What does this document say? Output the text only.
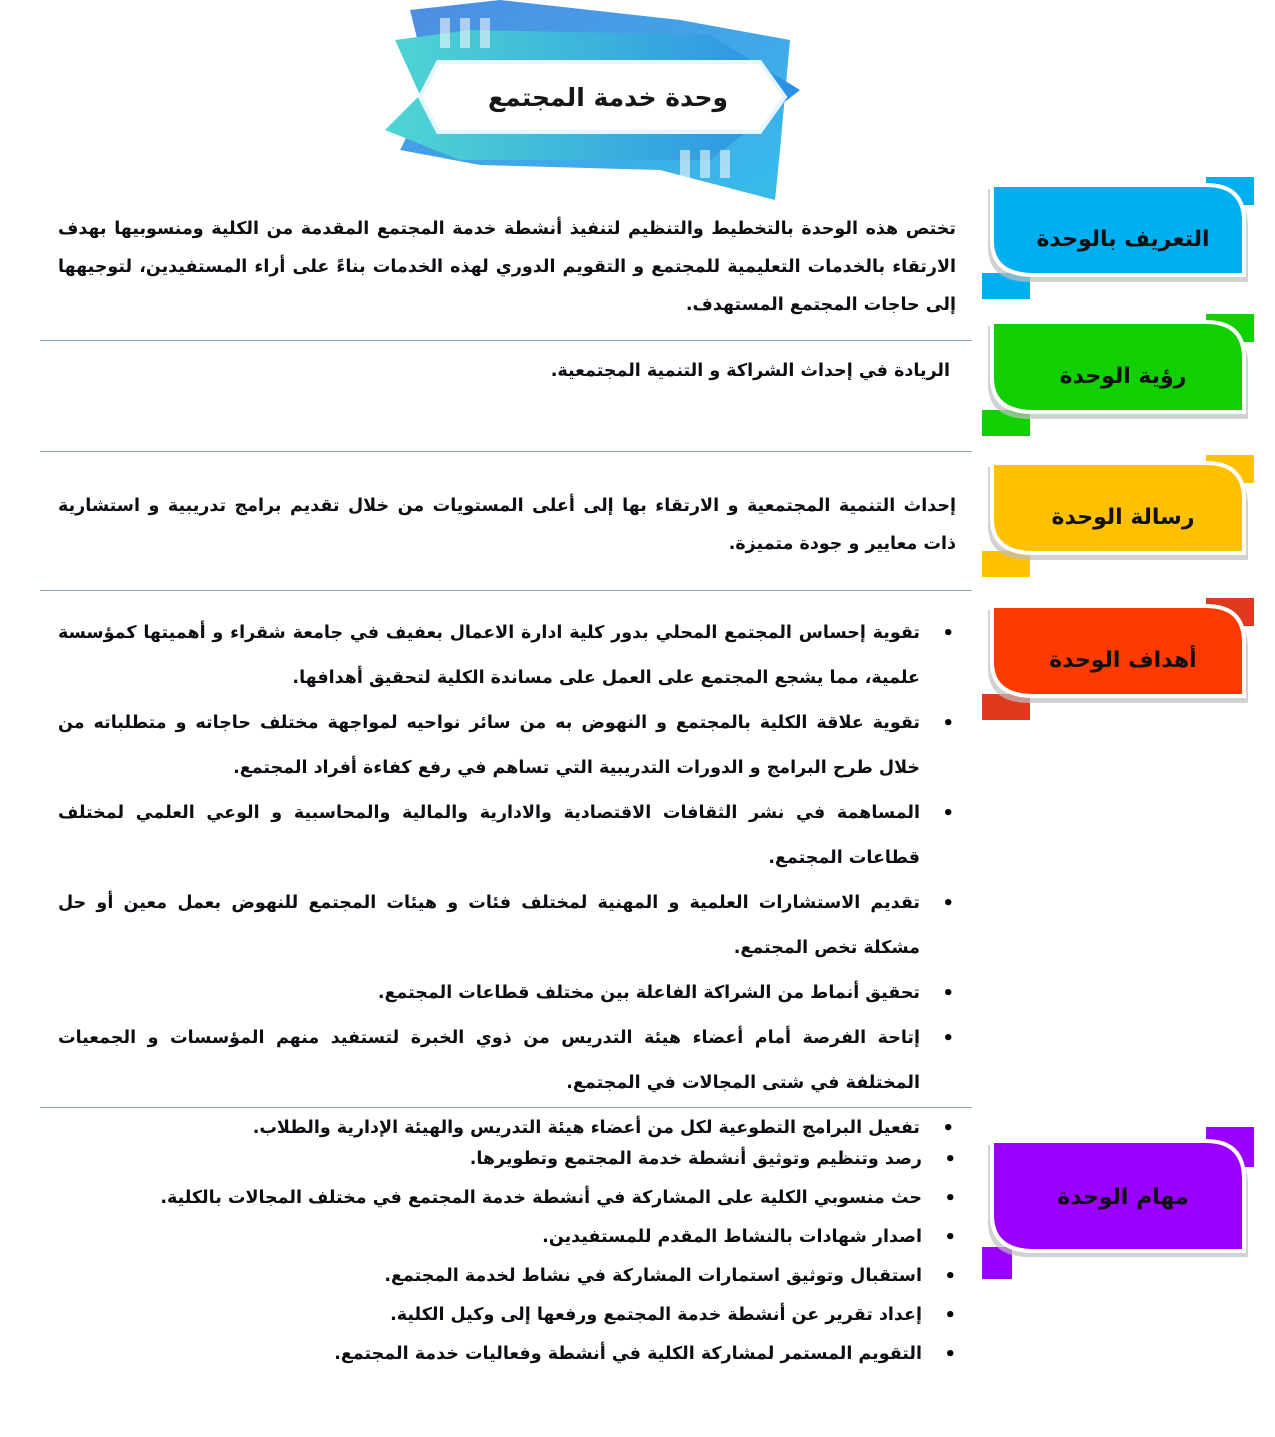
وحدة خدمة المجتمع
التعريف بالوحدة
تختص هذه الوحدة بالتخطيط والتنظيم لتنفيذ أنشطة خدمة المجتمع المقدمة من الكلية ومنسوبيها بهدف الارتقاء بالخدمات التعليمية للمجتمع و التقويم الدوري لهذه الخدمات بناءً على أراء المستفيدين، لتوجيهها إلى حاجات المجتمع المستهدف.
رؤية الوحدة
الريادة في إحداث الشراكة و التنمية المجتمعية.
رسالة الوحدة
إحداث التنمية المجتمعية و الارتقاء بها إلى أعلى المستويات من خلال تقديم برامج تدريبية و استشارية ذات معايير و جودة متميزة.
أهداف الوحدة
• تقوية إحساس المجتمع المحلي بدور كلية ادارة الاعمال بعفيف في جامعة شقراء و أهميتها كمؤسسة علمية، مما يشجع المجتمع على العمل على مساندة الكلية لتحقيق أهدافها.
• تقوية علاقة الكلية بالمجتمع و النهوض به من سائر نواحيه لمواجهة مختلف حاجاته و متطلباته من خلال طرح البرامج و الدورات التدريبية التي تساهم في رفع كفاءة أفراد المجتمع.
• المساهمة في نشر الثقافات الاقتصادية والادارية والمالية والمحاسبية و الوعي العلمي لمختلف قطاعات المجتمع.
• تقديم الاستشارات العلمية و المهنية لمختلف فئات و هيئات المجتمع للنهوض بعمل معين أو حل مشكلة تخص المجتمع.
• تحقيق أنماط من الشراكة الفاعلة بين مختلف قطاعات المجتمع.
• إتاحة الفرصة أمام أعضاء هيئة التدريس من ذوي الخبرة لتستفيد منهم المؤسسات و الجمعيات المختلفة في شتى المجالات في المجتمع.
• تفعيل البرامج التطوعية لكل من أعضاء هيئة التدريس والهيئة الإدارية والطلاب.
مهام الوحدة
• رصد وتنظيم وتوثيق أنشطة خدمة المجتمع وتطويرها.
• حث منسوبي الكلية على المشاركة في أنشطة خدمة المجتمع في مختلف المجالات بالكلية.
• اصدار شهادات بالنشاط المقدم للمستفيدين.
• استقبال وتوثيق استمارات المشاركة في نشاط لخدمة المجتمع.
• إعداد تقرير عن أنشطة خدمة المجتمع ورفعها إلى وكيل الكلية.
• التقويم المستمر لمشاركة الكلية في أنشطة وفعاليات خدمة المجتمع.
